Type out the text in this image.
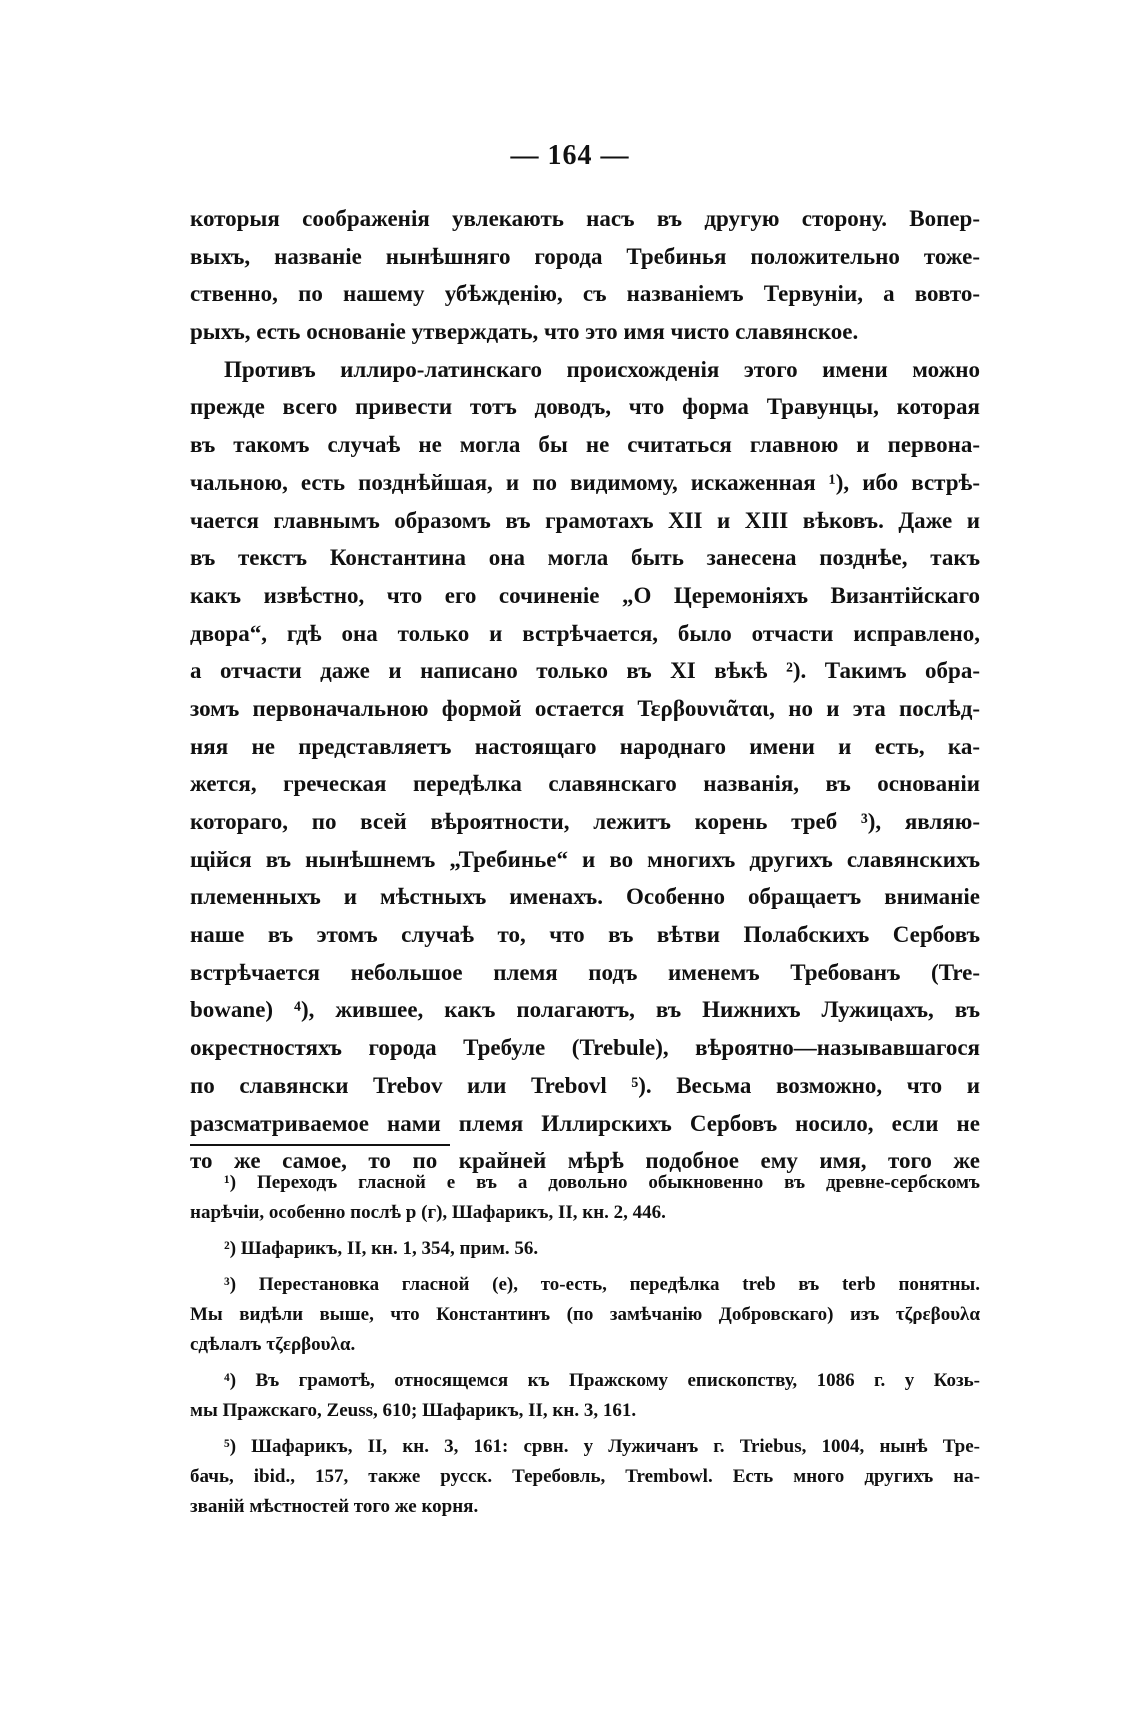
— 164 —
которыя соображенія увлекають насъ въ другую сторону. Вопер-
выхъ, названіе нынѣшняго города Требинья положительно тоже-
ственно, по нашему убѣжденію, съ названіемъ Тервуніи, а вовто-
рыхъ, есть основаніе утверждать, что это имя чисто славянское.
Противъ иллиро-латинскаго происхожденія этого имени можно
прежде всего привести тотъ доводъ, что форма Травунцы, которая
въ такомъ случаѣ не могла бы не считаться главною и первона-
чальною, есть позднѣйшая, и по видимому, искаженная ¹), ибо встрѣ-
чается главнымъ образомъ въ грамотахъ XII и XIII вѣковъ. Даже и
въ текстъ Константина она могла быть занесена позднѣе, такъ
какъ извѣстно, что его сочиненіе „О Церемоніяхъ Византійскаго
двора“, гдѣ она только и встрѣчается, было отчасти исправлено,
а отчасти даже и написано только въ XI вѣкѣ ²). Такимъ обра-
зомъ первоначальною формой остается Τερβουνιᾶται, но и эта послѣд-
няя не представляетъ настоящаго народнаго имени и есть, ка-
жется, греческая передѣлка славянскаго названія, въ основаніи
котораго, по всей вѣроятности, лежитъ корень треб ³), являю-
щійся въ нынѣшнемъ „Требинье“ и во многихъ другихъ славянскихъ
племенныхъ и мѣстныхъ именахъ. Особенно обращаетъ вниманіе
наше въ этомъ случаѣ то, что въ вѣтви Полабскихъ Сербовъ
встрѣчается небольшое племя подъ именемъ Требованъ (Tre-
bowane) ⁴), жившее, какъ полагаютъ, въ Нижнихъ Лужицахъ, въ
окрестностяхъ города Требуле (Trebule), вѣроятно—называвшагося
по славянски Trebov или Trebovl ⁵). Весьма возможно, что и
разсматриваемое нами племя Иллирскихъ Сербовъ носило, если не
то же самое, то по крайней мѣрѣ подобное ему имя, того же
¹) Переходъ гласной е въ а довольно обыкновенно въ древне-сербскомъ
нарѣчіи, особенно послѣ р (г), Шафарикъ, II, кн. 2, 446.
²) Шафарикъ, II, кн. 1, 354, прим. 56.
³) Перестановка гласной (е), то-есть, передѣлка treb въ terb понятны.
Мы видѣли выше, что Константинъ (по замѣчанію Добровскаго) изъ τζρεβουλα
сдѣлалъ τζερβουλα.
⁴) Въ грамотѣ, относящемся къ Пражскому епископству, 1086 г. у Козь-
мы Пражскаго, Zeuss, 610; Шафарикъ, II, кн. 3, 161.
⁵) Шафарикъ, II, кн. 3, 161: срвн. у Лужичанъ г. Triebus, 1004, нынѣ Тре-
бачь, ibid., 157, также русск. Теребовль, Trembowl. Есть много другихъ на-
званій мѣстностей того же корня.
